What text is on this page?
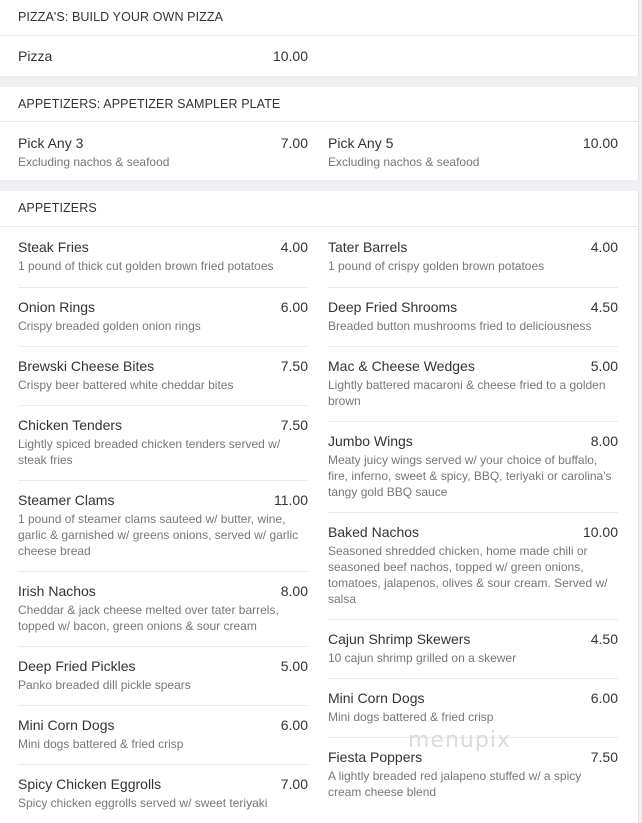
PIZZA'S: BUILD YOUR OWN PIZZA
Pizza	10.00
APPETIZERS: APPETIZER SAMPLER PLATE
Pick Any 3	7.00
Excluding nachos & seafood
Pick Any 5	10.00
Excluding nachos & seafood
APPETIZERS
Steak Fries	4.00
1 pound of thick cut golden brown fried potatoes
Onion Rings	6.00
Crispy breaded golden onion rings
Brewski Cheese Bites	7.50
Crispy beer battered white cheddar bites
Chicken Tenders	7.50
Lightly spiced breaded chicken tenders served w/ steak fries
Steamer Clams	11.00
1 pound of steamer clams sauteed w/ butter, wine, garlic & garnished w/ greens onions, served w/ garlic cheese bread
Irish Nachos	8.00
Cheddar & jack cheese melted over tater barrels, topped w/ bacon, green onions & sour cream
Deep Fried Pickles	5.00
Panko breaded dill pickle spears
Mini Corn Dogs	6.00
Mini dogs battered & fried crisp
Spicy Chicken Eggrolls	7.00
Spicy chicken eggrolls served w/ sweet teriyaki
Tater Barrels	4.00
1 pound of crispy golden brown potatoes
Deep Fried Shrooms	4.50
Breaded button mushrooms fried to deliciousness
Mac & Cheese Wedges	5.00
Lightly battered macaroni & cheese fried to a golden brown
Jumbo Wings	8.00
Meaty juicy wings served w/ your choice of buffalo, fire, inferno, sweet & spicy, BBQ, teriyaki or carolina's tangy gold BBQ sauce
Baked Nachos	10.00
Seasoned shredded chicken, home made chili or seasoned beef nachos, topped w/ green onions, tomatoes, jalapenos, olives & sour cream. Served w/ salsa
Cajun Shrimp Skewers	4.50
10 cajun shrimp grilled on a skewer
Mini Corn Dogs	6.00
Mini dogs battered & fried crisp
Fiesta Poppers	7.50
A lightly breaded red jalapeno stuffed w/ a spicy cream cheese blend
menupix
